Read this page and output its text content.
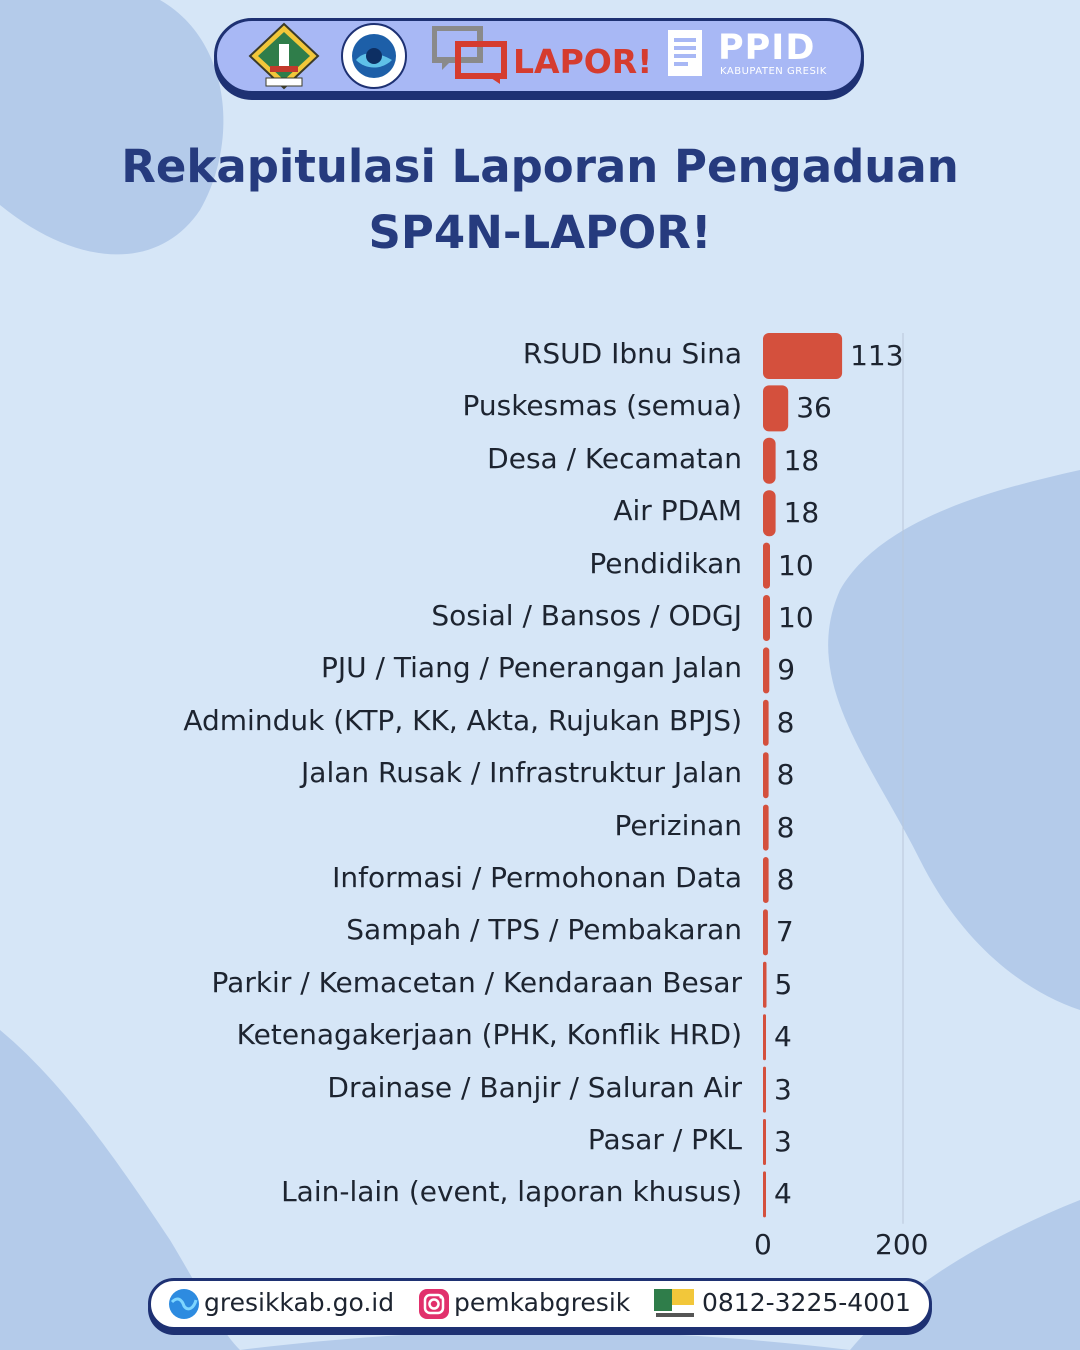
LAPOR! PPID
KABUPATEN GRESIK
Rekapitulasi Laporan Pengaduan
SP4N-LAPOR!
RSUD Ibnu Sina	113
Puskesmas (semua) 36
Desa / Kecamatan 18
Air PDAM 18
Pendidikan 10
Sosial / Bansos / ODGJ 10
PJU / Tiang / Penerangan Jalan 9
Adminduk (KTP, KK, Akta, Rujukan BPJS) 8
Jalan Rusak / Infrastruktur Jalan 8
Perizinan 8
Informasi / Permohonan Data 8
Sampah / TPS / Pembakaran 7
Parkir / Kemacetan / Kendaraan Besar 5
Ketenagakerjaan (PHK, Konflik HRD) 4
Drainase / Banjir / Saluran Air 3
Pasar / PKL 3
Lain-lain (event, laporan khusus) 4
0	200
gresikkab.go.id pemkabgresik	0812-3225-4001
